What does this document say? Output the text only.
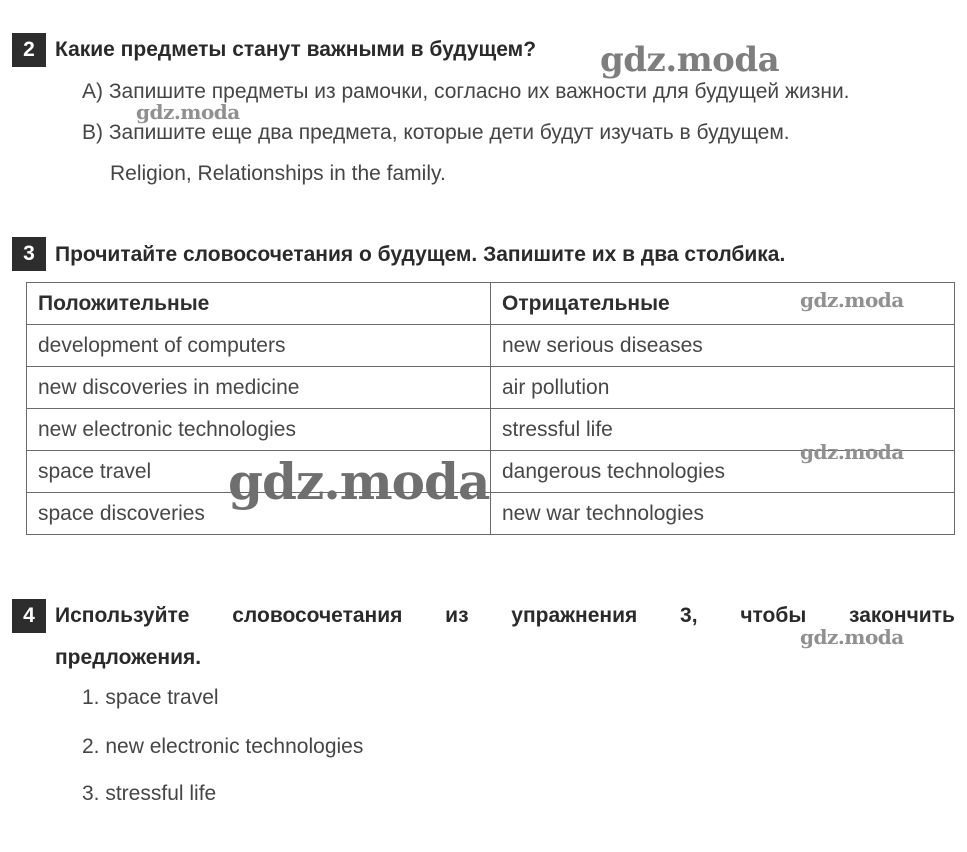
2 Какие предметы станут важными в будущем?
А) Запишите предметы из рамочки, согласно их важности для будущей жизни.
В) Запишите еще два предмета, которые дети будут изучать в будущем.
Religion, Relationships in the family.
3 Прочитайте словосочетания о будущем. Запишите их в два столбика.
Положительные	Отрицательные
development of computers	new serious diseases
new discoveries in medicine	air pollution
new electronic technologies	stressful life
space travel	dangerous technologies
space discoveries	new war technologies
4 Используйте словосочетания из упражнения 3, чтобы закончить
предложения.
1. space travel
2. new electronic technologies
3. stressful life
gdz.moda
gdz.moda
gdz.moda
gdz.moda
gdz.moda
gdz.moda
